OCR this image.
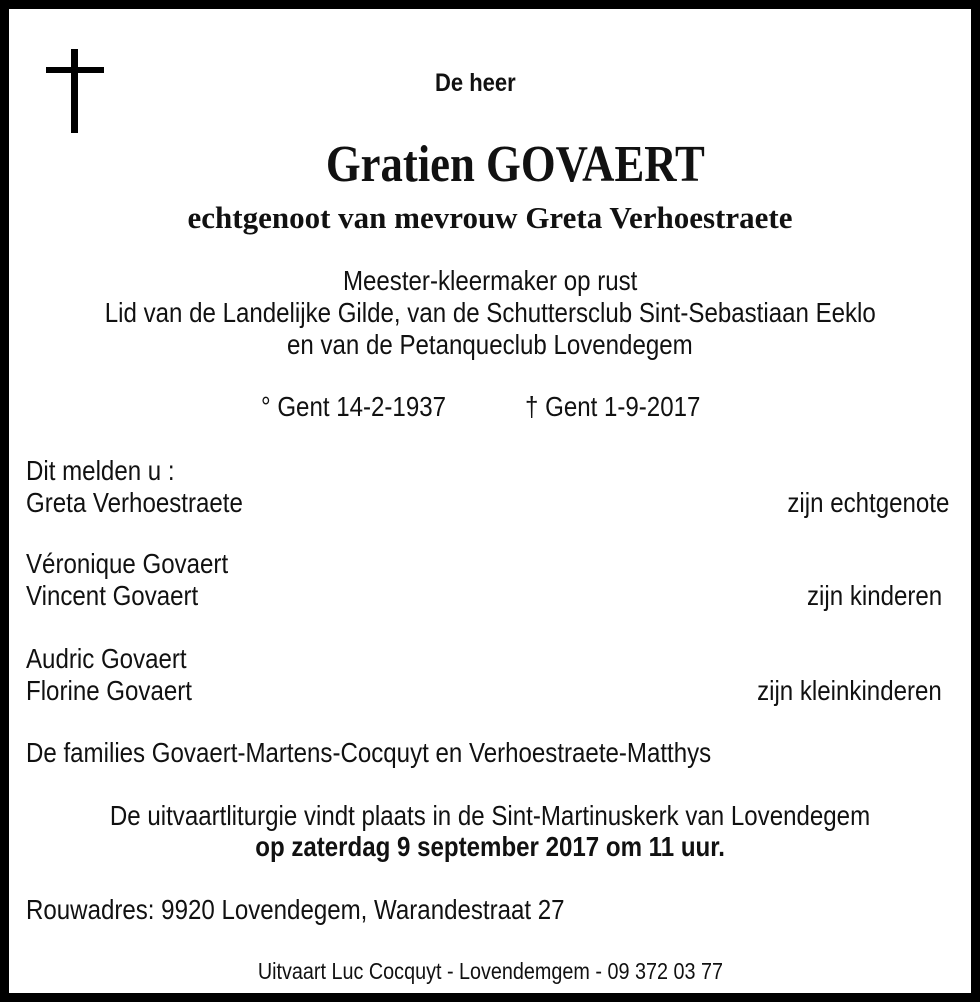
De heer
Gratien GOVAERT
echtgenoot van mevrouw Greta Verhoestraete
Meester-kleermaker op rust
Lid van de Landelijke Gilde, van de Schuttersclub Sint-Sebastiaan Eeklo
en van de Petanqueclub Lovendegem
° Gent 14-2-1937	† Gent 1-9-2017
Dit melden u :
Greta Verhoestraete	zijn echtgenote
Véronique Govaert
Vincent Govaert	zijn kinderen
Audric Govaert
Florine Govaert	zijn kleinkinderen
De families Govaert-Martens-Cocquyt en Verhoestraete-Matthys
De uitvaartliturgie vindt plaats in de Sint-Martinuskerk van Lovendegem
op zaterdag 9 september 2017 om 11 uur.
Rouwadres: 9920 Lovendegem, Warandestraat 27
Uitvaart Luc Cocquyt - Lovendemgem - 09 372 03 77
